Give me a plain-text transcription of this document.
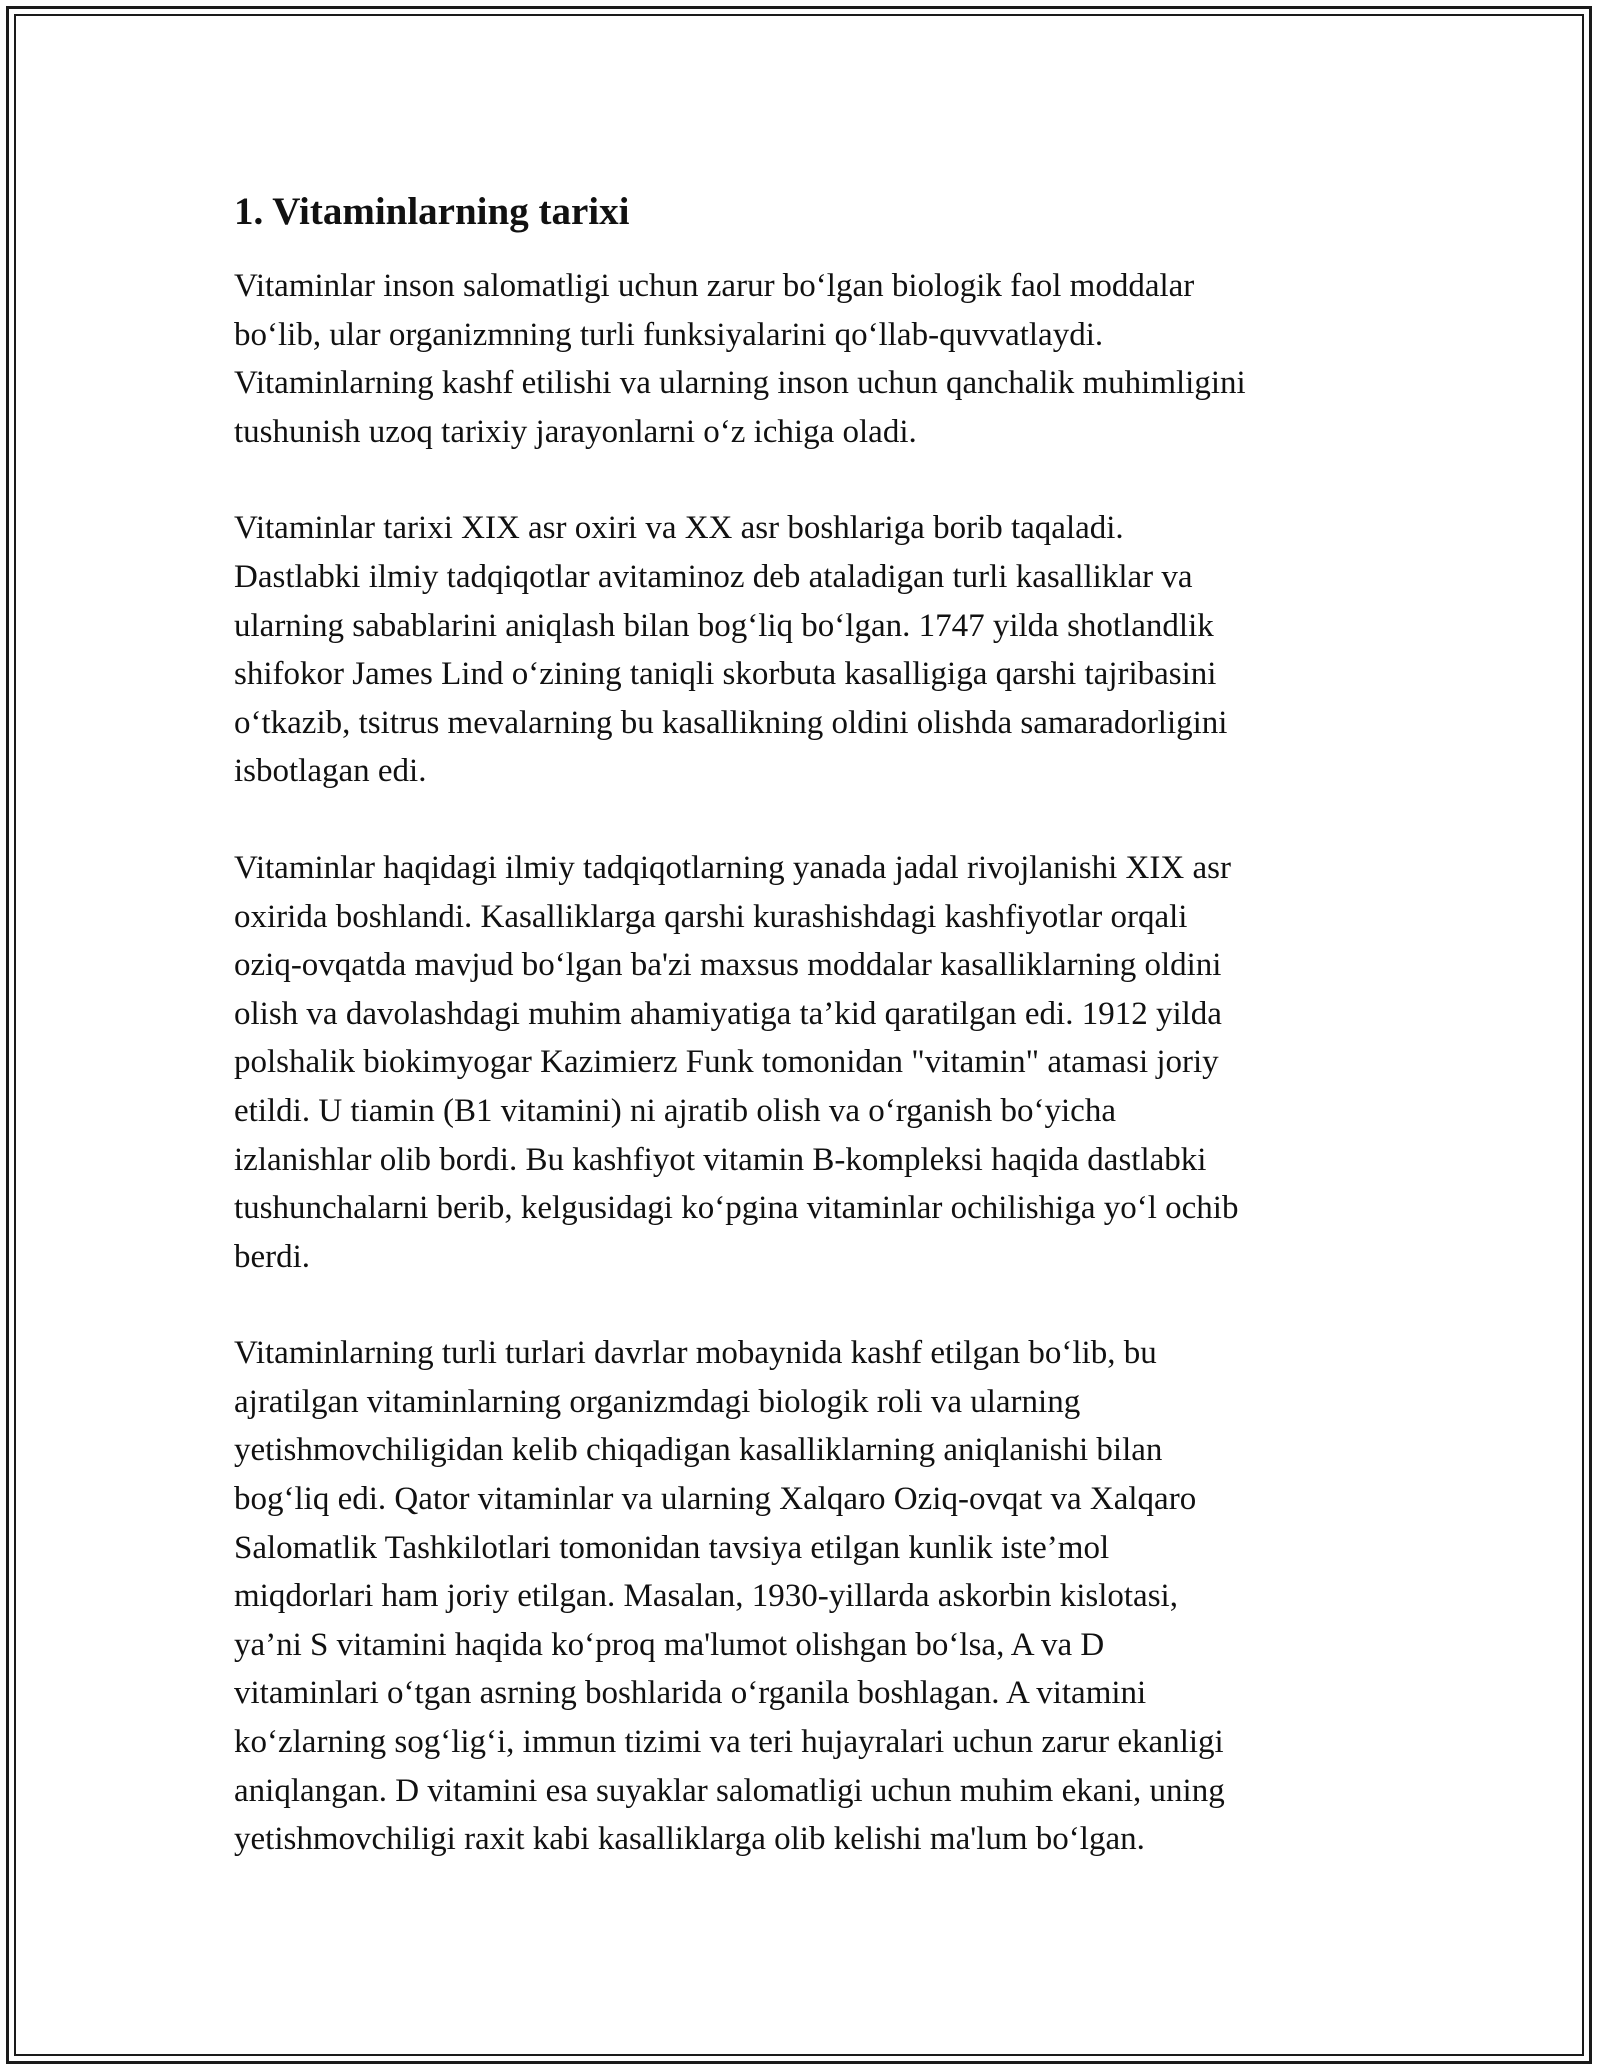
1. Vitaminlarning tarixi

Vitaminlar inson salomatligi uchun zarur bo‘lgan biologik faol moddalar
bo‘lib, ular organizmning turli funksiyalarini qo‘llab-quvvatlaydi.
Vitaminlarning kashf etilishi va ularning inson uchun qanchalik muhimligini
tushunish uzoq tarixiy jarayonlarni o‘z ichiga oladi.

Vitaminlar tarixi XIX asr oxiri va XX asr boshlariga borib taqaladi.
Dastlabki ilmiy tadqiqotlar avitaminoz deb ataladigan turli kasalliklar va
ularning sabablarini aniqlash bilan bog‘liq bo‘lgan. 1747 yilda shotlandlik
shifokor James Lind o‘zining taniqli skorbuta kasalligiga qarshi tajribasini
o‘tkazib, tsitrus mevalarning bu kasallikning oldini olishda samaradorligini
isbotlagan edi.

Vitaminlar haqidagi ilmiy tadqiqotlarning yanada jadal rivojlanishi XIX asr
oxirida boshlandi. Kasalliklarga qarshi kurashishdagi kashfiyotlar orqali
oziq-ovqatda mavjud bo‘lgan ba'zi maxsus moddalar kasalliklarning oldini
olish va davolashdagi muhim ahamiyatiga ta’kid qaratilgan edi. 1912 yilda
polshalik biokimyogar Kazimierz Funk tomonidan "vitamin" atamasi joriy
etildi. U tiamin (B1 vitamini) ni ajratib olish va o‘rganish bo‘yicha
izlanishlar olib bordi. Bu kashfiyot vitamin B-kompleksi haqida dastlabki
tushunchalarni berib, kelgusidagi ko‘pgina vitaminlar ochilishiga yo‘l ochib
berdi.

Vitaminlarning turli turlari davrlar mobaynida kashf etilgan bo‘lib, bu
ajratilgan vitaminlarning organizmdagi biologik roli va ularning
yetishmovchiligidan kelib chiqadigan kasalliklarning aniqlanishi bilan
bog‘liq edi. Qator vitaminlar va ularning Xalqaro Oziq-ovqat va Xalqaro
Salomatlik Tashkilotlari tomonidan tavsiya etilgan kunlik iste’mol
miqdorlari ham joriy etilgan. Masalan, 1930-yillarda askorbin kislotasi,
ya’ni S vitamini haqida ko‘proq ma'lumot olishgan bo‘lsa, A va D
vitaminlari o‘tgan asrning boshlarida o‘rganila boshlagan. A vitamini
ko‘zlarning sog‘lig‘i, immun tizimi va teri hujayralari uchun zarur ekanligi
aniqlangan. D vitamini esa suyaklar salomatligi uchun muhim ekani, uning
yetishmovchiligi raxit kabi kasalliklarga olib kelishi ma'lum bo‘lgan.
